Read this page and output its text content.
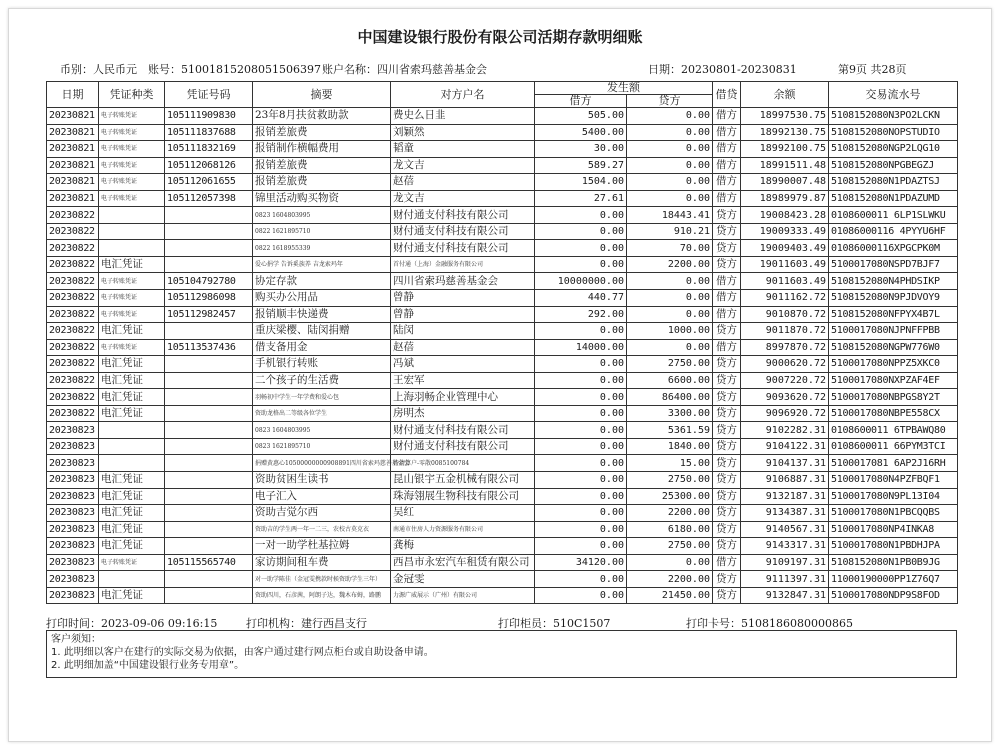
中国建设银行股份有限公司活期存款明细账
币别：人民币元 账号：51001815208051506397 账户名称：四川省索玛慈善基金会	日期：20230801-20230831	第9页 共28页
日期	凭证种类	凭证号码	摘要	对方户名	发生额		借贷	余额	交易流水号
					借方	贷方			
20230821	电子转账凭证	105111909830	23年8月扶贫救助款	费史么日韭	505.00	0.00	借方	18997530.75	5108152080N3PO2LCKN
20230821	电子转账凭证	105111837688	报销差旅费	刘颖然	5400.00	0.00	借方	18992130.75	5108152080NOPSTUDIO
20230821	电子转账凭证	105111832169	报销制作横幅费用	韬童	30.00	0.00	借方	18992100.75	5108152080NGP2LQG10
20230821	电子转账凭证	105112068126	报销差旅费	龙文吉	589.27	0.00	借方	18991511.48	5108152080NPGBEGZJ
20230821	电子转账凭证	105112061655	报销差旅费	赵蓓	1504.00	0.00	借方	18990007.48	5108152080N1PDAZTSJ
20230821	电子转账凭证	105112057398	锦里活动购买物资	龙文吉	27.61	0.00	借方	18989979.87	5108152080N1PDAZUMD
20230822			0823 1604803995	财付通支付科技有限公司	0.00	18443.41	贷方	19008423.28	0108600011 6LP1SLWKU
20230822			0822 1621895710	财付通支付科技有限公司	0.00	910.21	贷方	19009333.49	01086000116 4PYYU6HF
20230822			0822 1618955339	财付通支付科技有限公司	0.00	70.00	贷方	19009403.49	01086000116XPGCPK0M
20230822	电汇凭证		爱心捐学 告诉奚族养 吉龙索玛年	首付通（上海）金融服务有限公司	0.00	2200.00	贷方	19011603.49	5100017080NSPD7BJF7
20230822	电子转账凭证	105104792780	协定存款	四川省索玛慈善基金会	10000000.00	0.00	借方	9011603.49	5108152080N4PHDSIKP
20230822	电子转账凭证	105112986098	购买办公用品	曾静	440.77	0.00	借方	9011162.72	5108152080N9PJDVOY9
20230822	电子转账凭证	105112982457	报销顺丰快递费	曾静	292.00	0.00	借方	9010870.72	5108152080NFPYX4B7L
20230822	电汇凭证		重庆梁樱、陆闵捐赠	陆闵	0.00	1000.00	贷方	9011870.72	5100017080NJPNFFPBB
20230822	电子转账凭证	105113537436	借支备用金	赵蓓	14000.00	0.00	借方	8997870.72	5108152080NGPW776W0
20230822	电汇凭证		手机银行转账	冯斌	0.00	2750.00	贷方	9000620.72	5100017080NPPZ5XKC0
20230822	电汇凭证		二个孩子的生活费	王宏军	0.00	6600.00	贷方	9007220.72	5100017080NXPZAF4EF
20230822	电汇凭证		羽畅初中学生一年学费和爱心包	上海羽畅企业管理中心	0.00	86400.00	贷方	9093620.72	5100017080NBPGS8Y2T
20230822	电汇凭证		资助龙格出二等级各位学生	房明杰	0.00	3300.00	贷方	9096920.72	5100017080NBPE558CX
20230823			0823 1604803995	财付通支付科技有限公司	0.00	5361.59	贷方	9102282.31	0108600011 6TPBAWQ80
20230823			0823 1621895710	财付通支付科技有限公司	0.00	1840.00	贷方	9104122.31	0108600011 66PYM3TCI
20230823			捐赠黄惠心10500000000908891四川省索玛慈善基金会	待清算户-零散0085100784	0.00	15.00	贷方	9104137.31	5100017081 6AP2J16RH
20230823	电汇凭证		资助贫困生读书	昆山银宇五金机械有限公司	0.00	2750.00	贷方	9106887.31	5100017080N4PZFBQF1
20230823	电汇凭证		电子汇入	珠海翎展生物科技有限公司	0.00	25300.00	贷方	9132187.31	5100017080N9PL13I04
20230823	电汇凭证		资助吉觉尔西	吴红	0.00	2200.00	贷方	9134387.31	5100017080N1PBCQQBS
20230823	电汇凭证		资助吉的学生两一年一二三，农校古莫克衣	南通市住房人力资源服务有限公司	0.00	6180.00	贷方	9140567.31	5100017080NP4INKA8
20230823	电汇凭证		一对一助学杜基拉姆	龚梅	0.00	2750.00	贷方	9143317.31	5100017080N1PBDHJPA
20230823	电子转账凭证	105115565740	家访期间租车费	西昌市永宏汽车租赁有限公司	34120.00	0.00	借方	9109197.31	5108152080N1PB0B9JG
20230823			对一助学陈佳（金冠雯携款时候资助学生三年）	金冠雯	0.00	2200.00	贷方	9111397.31	11000190000PP1Z76Q7
20230823	电汇凭证		资助四川，石彦茜，阿朗子达，魏木布姆，路鹏	力源广威展示（广州）有限公司	0.00	21450.00	贷方	9132847.31	5100017080NDP9S8FOD
打印时间：2023-09-06 09:16:15	打印机构：建行西昌支行	打印柜员：510C1507	打印卡号：5108186080000865
客户须知：
1. 此明细以客户在建行的实际交易为依据，由客户通过建行网点柜台或自助设备申请。
2. 此明细加盖“中国建设银行业务专用章”。
